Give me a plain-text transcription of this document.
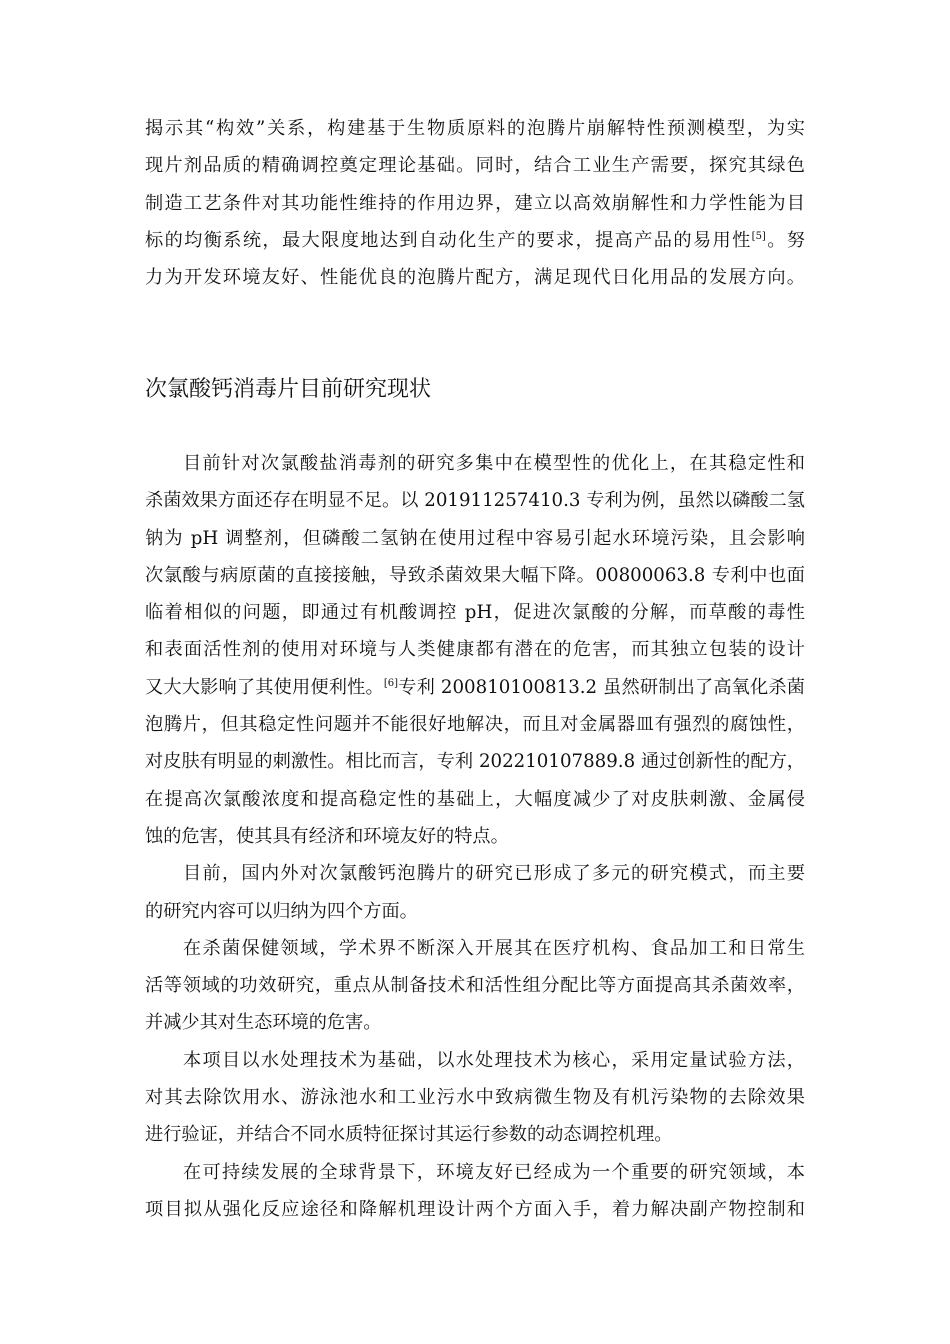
揭示其“构效”关系，构建基于生物质原料的泡腾片崩解特性预测模型，为实
现片剂品质的精确调控奠定理论基础。同时，结合工业生产需要，探究其绿色
制造工艺条件对其功能性维持的作用边界，建立以高效崩解性和力学性能为目
标的均衡系统，最大限度地达到自动化生产的要求，提高产品的易用性[5]。努
力为开发环境友好、性能优良的泡腾片配方，满足现代日化用品的发展方向。
次氯酸钙消毒片目前研究现状
目前针对次氯酸盐消毒剂的研究多集中在模型性的优化上，在其稳定性和
杀菌效果方面还存在明显不足。以 201911257410.3 专利为例，虽然以磷酸二氢
钠为 pH 调整剂，但磷酸二氢钠在使用过程中容易引起水环境污染，且会影响
次氯酸与病原菌的直接接触，导致杀菌效果大幅下降。00800063.8 专利中也面
临着相似的问题，即通过有机酸调控 pH，促进次氯酸的分解，而草酸的毒性
和表面活性剂的使用对环境与人类健康都有潜在的危害，而其独立包装的设计
又大大影响了其使用便利性。[6]专利 200810100813.2 虽然研制出了高氧化杀菌
泡腾片，但其稳定性问题并不能很好地解决，而且对金属器皿有强烈的腐蚀性，
对皮肤有明显的刺激性。相比而言，专利 202210107889.8 通过创新性的配方，
在提高次氯酸浓度和提高稳定性的基础上，大幅度减少了对皮肤刺激、金属侵
蚀的危害，使其具有经济和环境友好的特点。
目前，国内外对次氯酸钙泡腾片的研究已形成了多元的研究模式，而主要
的研究内容可以归纳为四个方面。
在杀菌保健领域，学术界不断深入开展其在医疗机构、食品加工和日常生
活等领域的功效研究，重点从制备技术和活性组分配比等方面提高其杀菌效率，
并减少其对生态环境的危害。
本项目以水处理技术为基础，以水处理技术为核心，采用定量试验方法，
对其去除饮用水、游泳池水和工业污水中致病微生物及有机污染物的去除效果
进行验证，并结合不同水质特征探讨其运行参数的动态调控机理。
在可持续发展的全球背景下，环境友好已经成为一个重要的研究领域，本
项目拟从强化反应途径和降解机理设计两个方面入手，着力解决副产物控制和
